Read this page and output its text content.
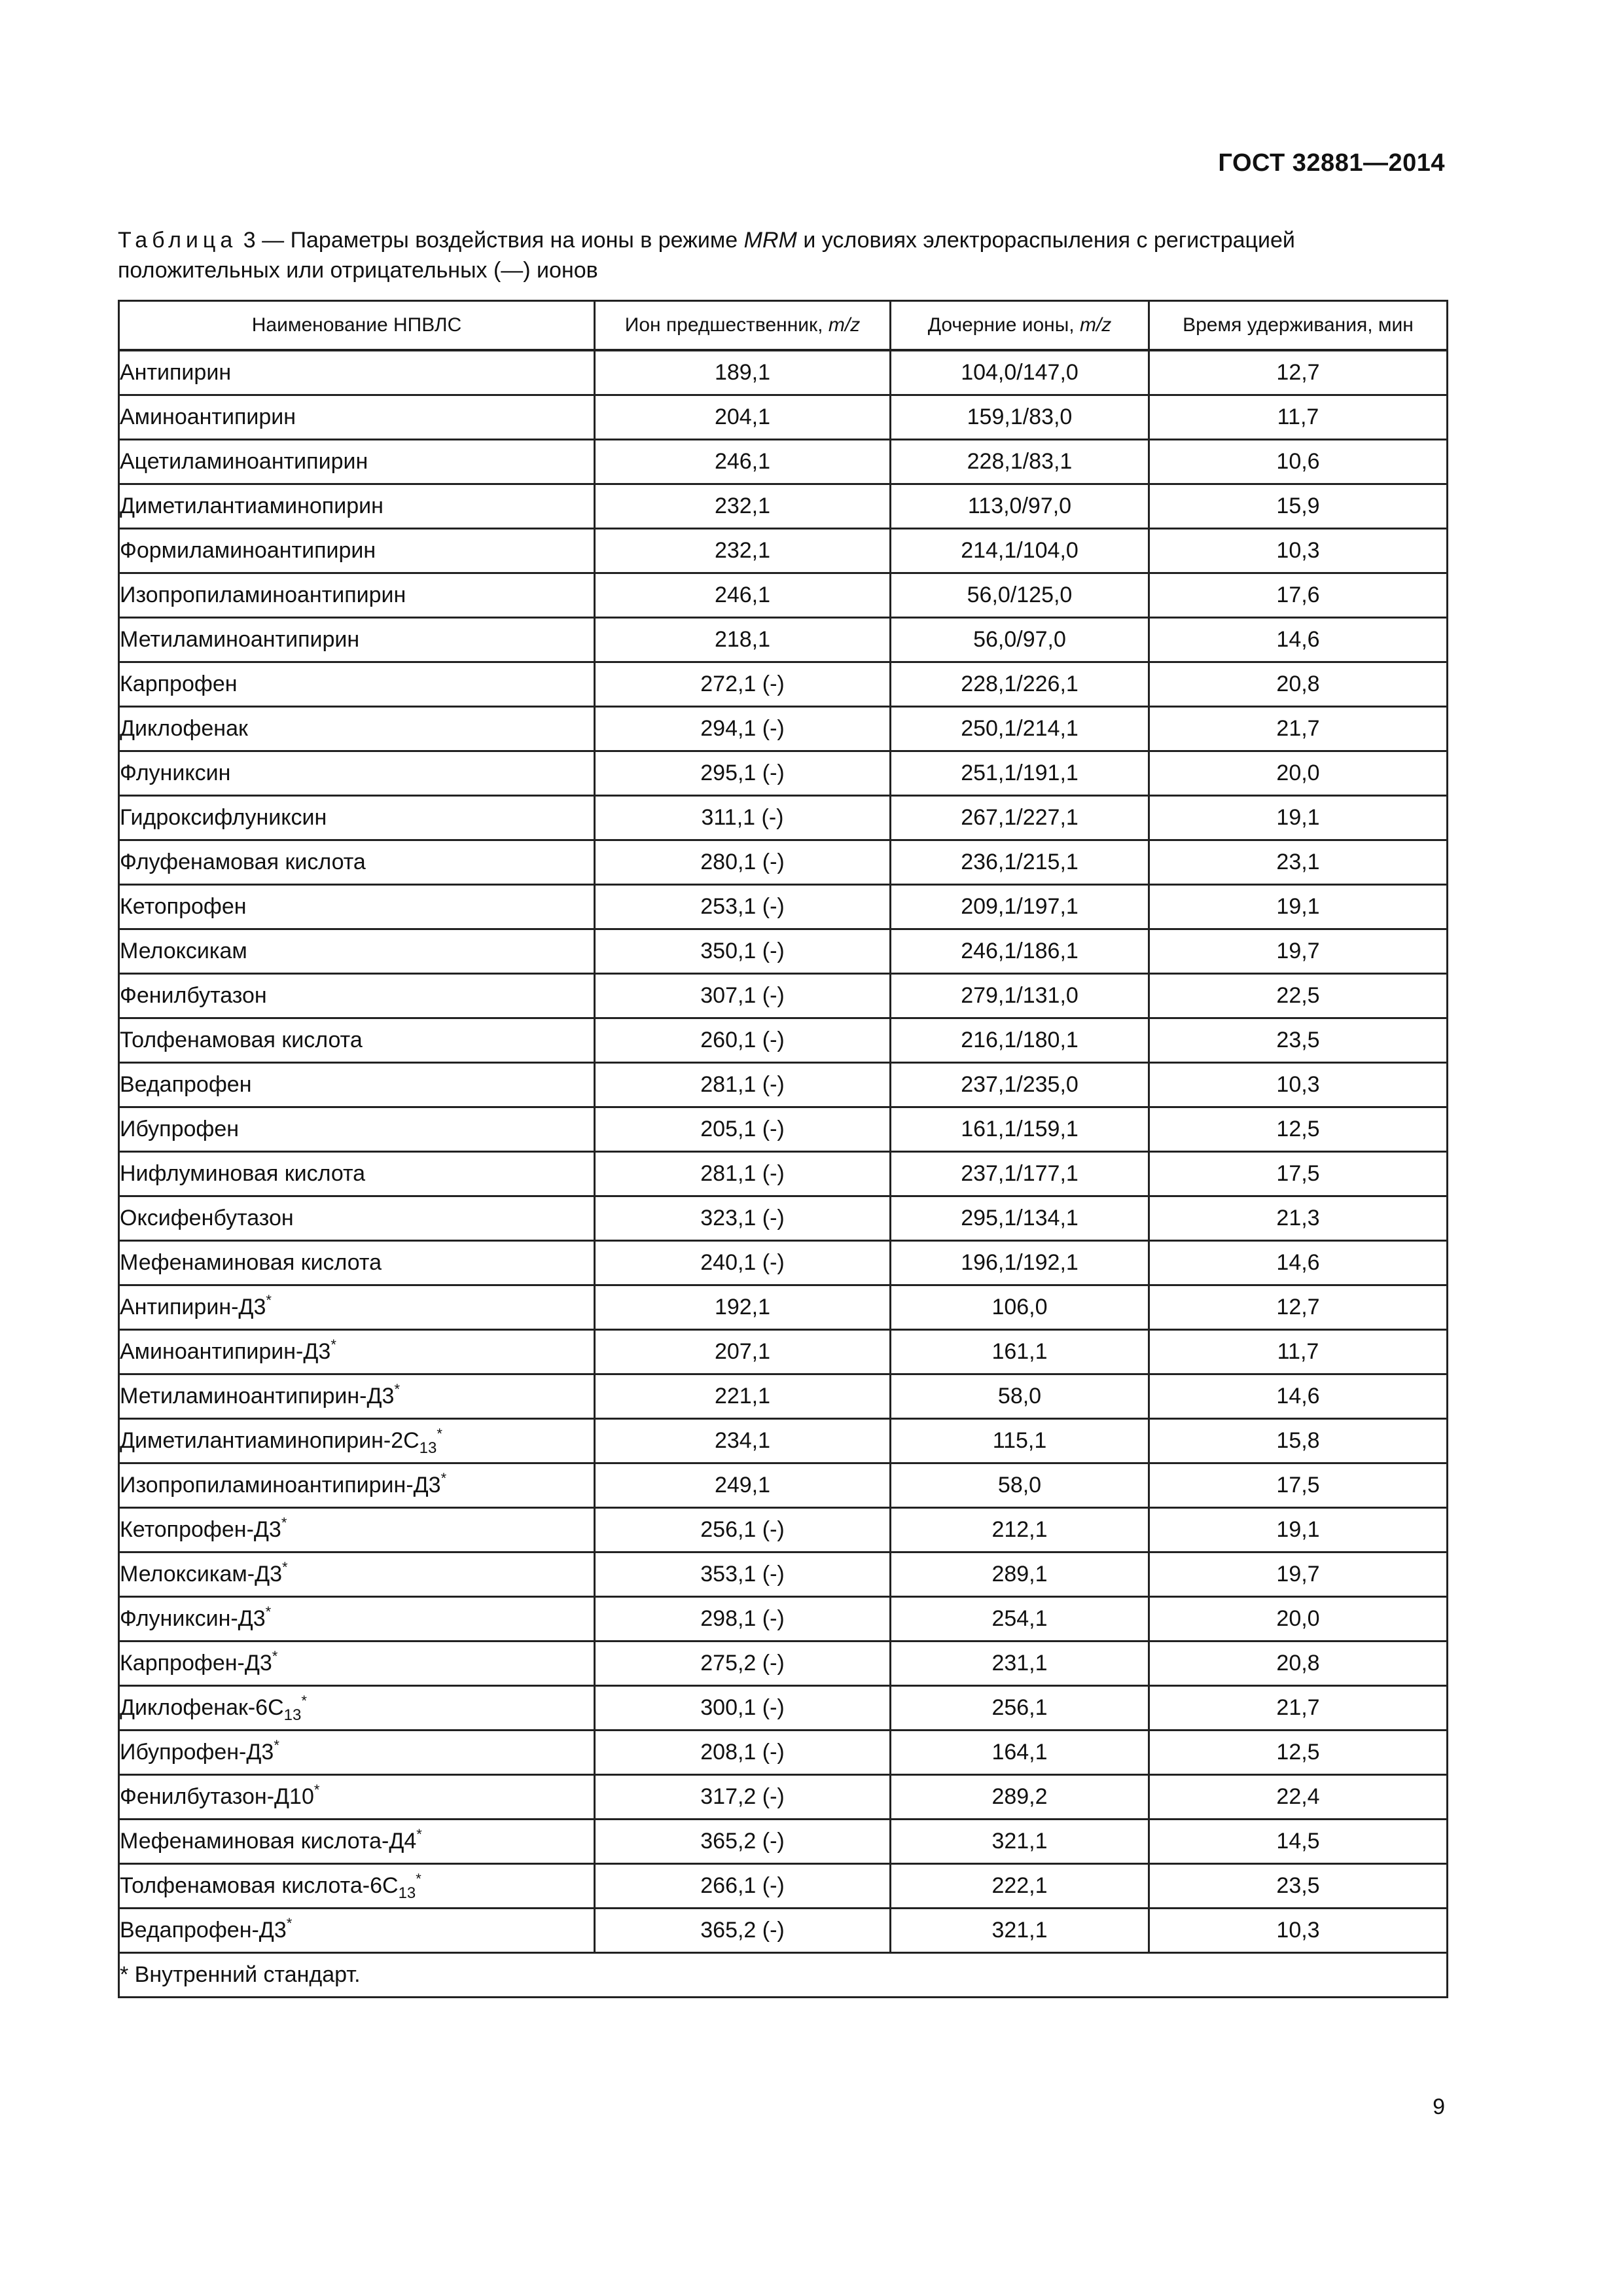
ГОСТ 32881—2014
Таблица 3 — Параметры воздействия на ионы в режиме MRM и условиях электрораспыления с регистрацией положительных или отрицательных (—) ионов
Наименование НПВЛС	Ион предшественник, m/z	Дочерние ионы, m/z	Время удерживания, мин
Антипирин	189,1	104,0/147,0	12,7
Аминоантипирин	204,1	159,1/83,0	11,7
Ацетиламиноантипирин	246,1	228,1/83,1	10,6
Диметилантиаминопирин	232,1	113,0/97,0	15,9
Формиламиноантипирин	232,1	214,1/104,0	10,3
Изопропиламиноантипирин	246,1	56,0/125,0	17,6
Метиламиноантипирин	218,1	56,0/97,0	14,6
Карпрофен	272,1 (-)	228,1/226,1	20,8
Диклофенак	294,1 (-)	250,1/214,1	21,7
Флуниксин	295,1 (-)	251,1/191,1	20,0
Гидроксифлуниксин	311,1 (-)	267,1/227,1	19,1
Флуфенамовая кислота	280,1 (-)	236,1/215,1	23,1
Кетопрофен	253,1 (-)	209,1/197,1	19,1
Мелоксикам	350,1 (-)	246,1/186,1	19,7
Фенилбутазон	307,1 (-)	279,1/131,0	22,5
Толфенамовая кислота	260,1 (-)	216,1/180,1	23,5
Ведапрофен	281,1 (-)	237,1/235,0	10,3
Ибупрофен	205,1 (-)	161,1/159,1	12,5
Нифлуминовая кислота	281,1 (-)	237,1/177,1	17,5
Оксифенбутазон	323,1 (-)	295,1/134,1	21,3
Мефенаминовая кислота	240,1 (-)	196,1/192,1	14,6
Антипирин-Д3*	192,1	106,0	12,7
Аминоантипирин-Д3*	207,1	161,1	11,7
Метиламиноантипирин-Д3*	221,1	58,0	14,6
Диметилантиаминопирин-$2С_{13}^*$	234,1	115,1	15,8
Изопропиламиноантипирин-Д3*	249,1	58,0	17,5
Кетопрофен-Д3*	256,1 (-)	212,1	19,1
Мелоксикам-Д3*	353,1 (-)	289,1	19,7
Флуниксин-Д3*	298,1 (-)	254,1	20,0
Карпрофен-Д3*	275,2 (-)	231,1	20,8
Диклофенак-$6С_{13}^*$	300,1 (-)	256,1	21,7
Ибупрофен-Д3*	208,1 (-)	164,1	12,5
Фенилбутазон-Д10*	317,2 (-)	289,2	22,4
Мефенаминовая кислота-Д4*	365,2 (-)	321,1	14,5
Толфенамовая кислота-$6С_{13}^*$	266,1 (-)	222,1	23,5
Ведапрофен-Д3*	365,2 (-)	321,1	10,3
* Внутренний стандарт.			
9
